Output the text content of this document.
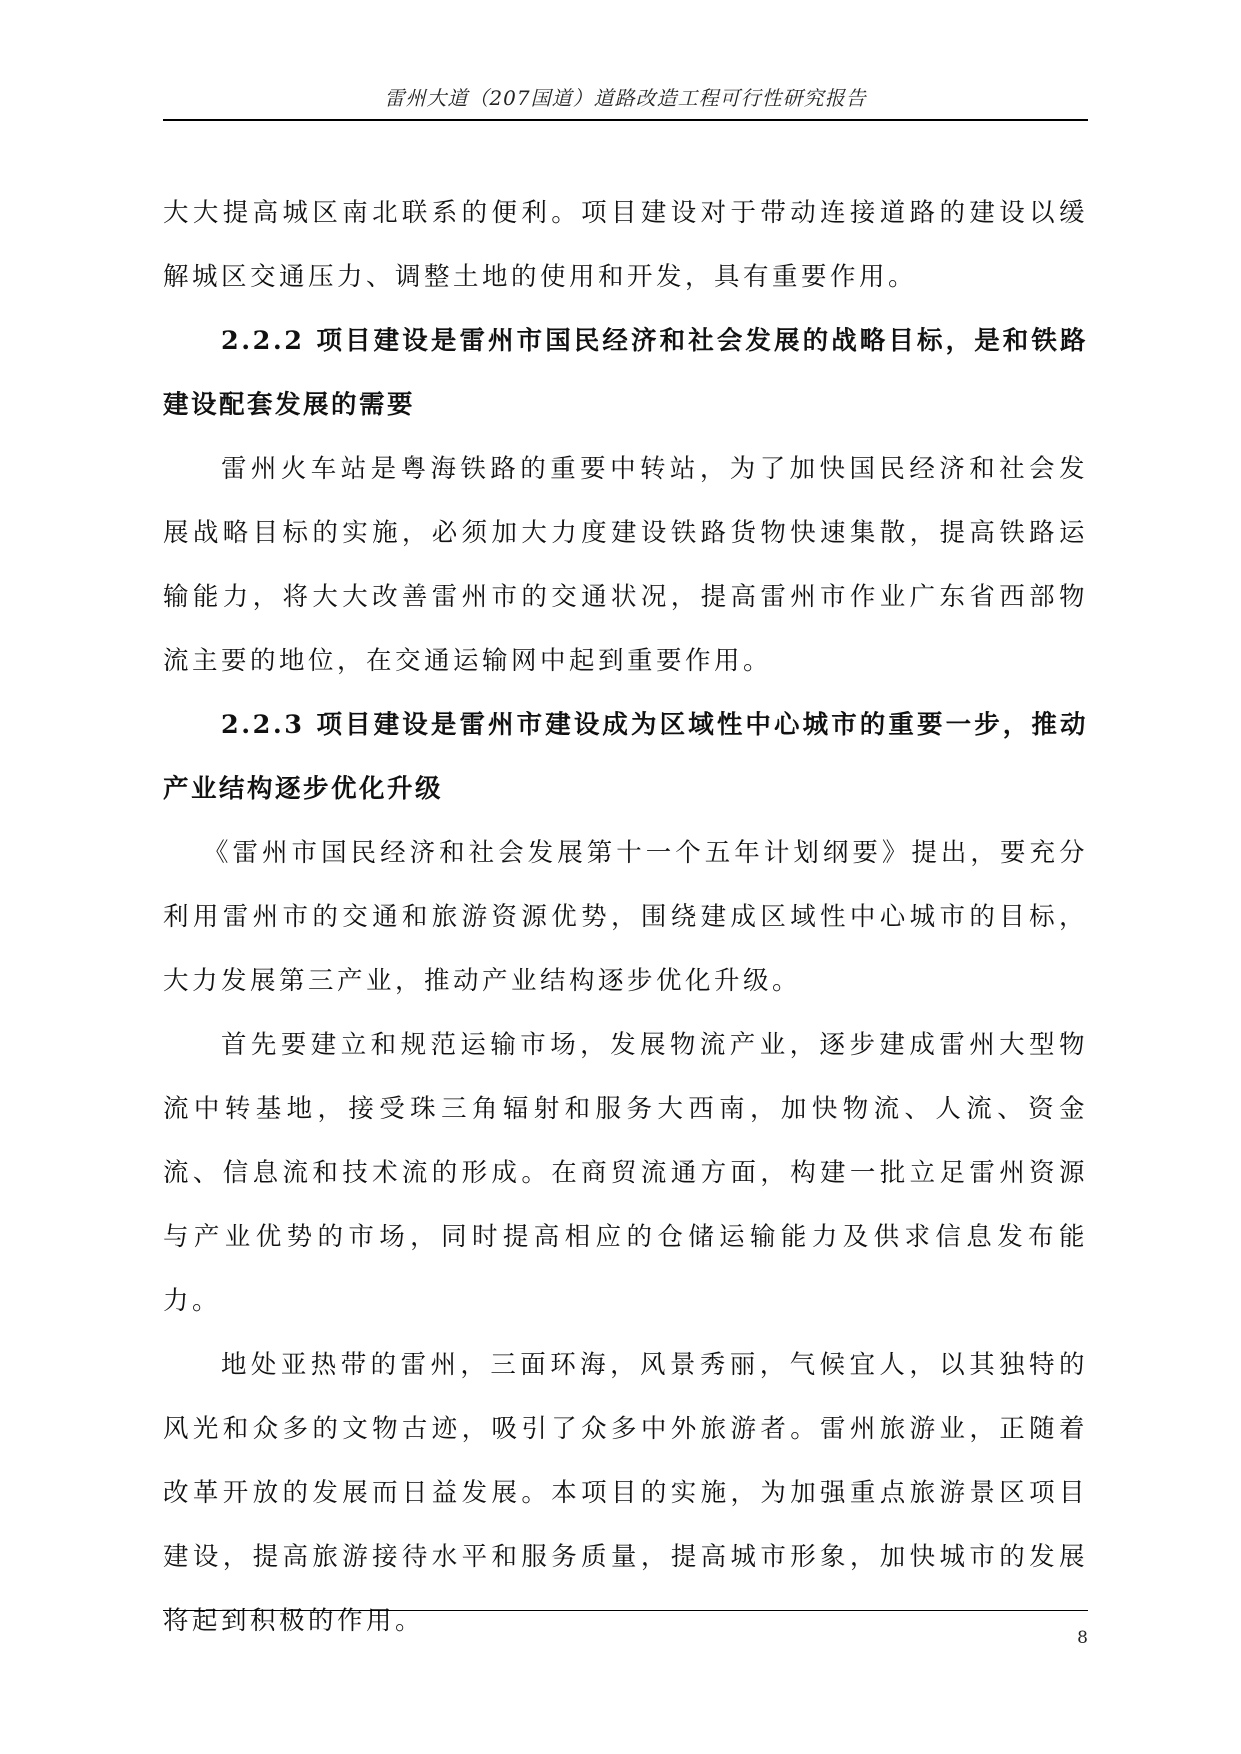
雷州大道（207国道）道路改造工程可行性研究报告

大大提高城区南北联系的便利。项目建设对于带动连接道路的建设以缓解城区交通压力、调整土地的使用和开发，具有重要作用。

2.2.2 项目建设是雷州市国民经济和社会发展的战略目标，是和铁路建设配套发展的需要

雷州火车站是粤海铁路的重要中转站，为了加快国民经济和社会发展战略目标的实施，必须加大力度建设铁路货物快速集散，提高铁路运输能力，将大大改善雷州市的交通状况，提高雷州市作业广东省西部物流主要的地位，在交通运输网中起到重要作用。

2.2.3 项目建设是雷州市建设成为区域性中心城市的重要一步，推动产业结构逐步优化升级

《雷州市国民经济和社会发展第十一个五年计划纲要》提出，要充分利用雷州市的交通和旅游资源优势，围绕建成区域性中心城市的目标，大力发展第三产业，推动产业结构逐步优化升级。

首先要建立和规范运输市场，发展物流产业，逐步建成雷州大型物流中转基地，接受珠三角辐射和服务大西南，加快物流、人流、资金流、信息流和技术流的形成。在商贸流通方面，构建一批立足雷州资源与产业优势的市场，同时提高相应的仓储运输能力及供求信息发布能力。

地处亚热带的雷州，三面环海，风景秀丽，气候宜人，以其独特的风光和众多的文物古迹，吸引了众多中外旅游者。雷州旅游业，正随着改革开放的发展而日益发展。本项目的实施，为加强重点旅游景区项目建设，提高旅游接待水平和服务质量，提高城市形象，加快城市的发展将起到积极的作用。

8
